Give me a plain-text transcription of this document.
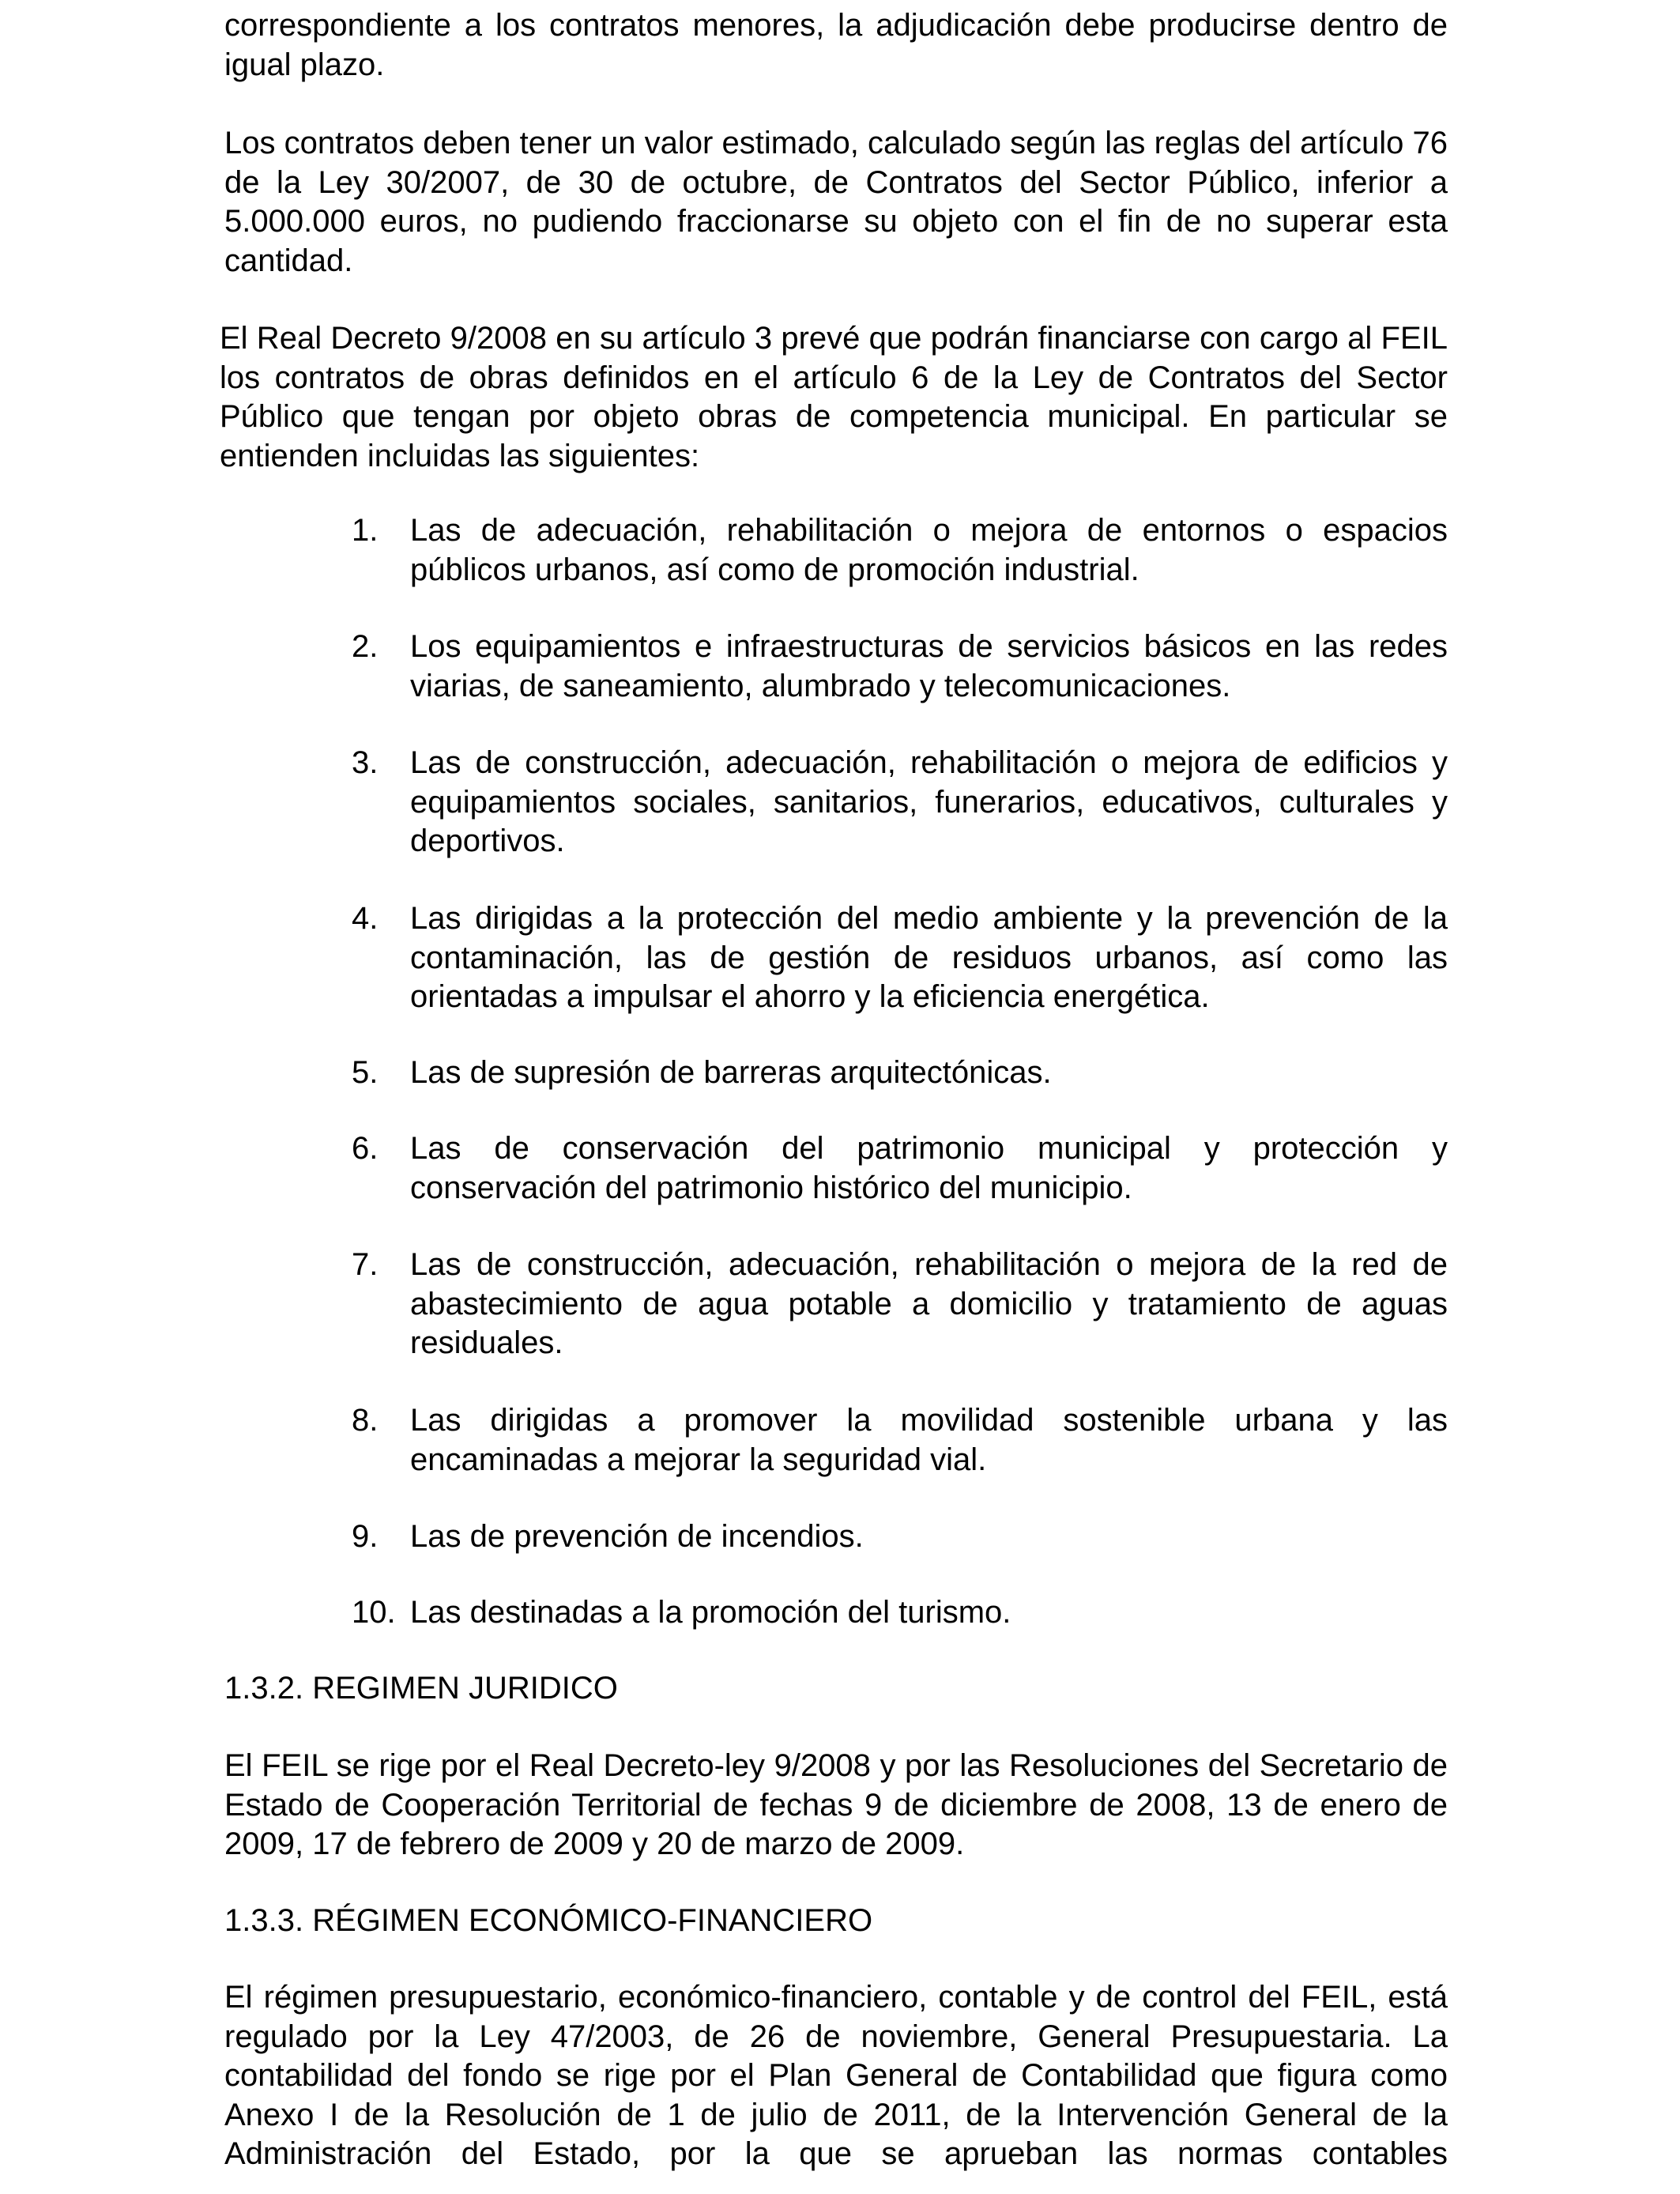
correspondiente a los contratos menores, la adjudicación debe producirse dentro de igual plazo.

Los contratos deben tener un valor estimado, calculado según las reglas del artículo 76 de la Ley 30/2007, de 30 de octubre, de Contratos del Sector Público, inferior a 5.000.000 euros, no pudiendo fraccionarse su objeto con el fin de no superar esta cantidad.

El Real Decreto 9/2008 en su artículo 3 prevé que podrán financiarse con cargo al FEIL los contratos de obras definidos en el artículo 6 de la Ley de Contratos del Sector Público que tengan por objeto obras de competencia municipal. En particular se entienden incluidas las siguientes:

1.	Las de adecuación, rehabilitación o mejora de entornos o espacios públicos urbanos, así como de promoción industrial.
2.	Los equipamientos e infraestructuras de servicios básicos en las redes viarias, de saneamiento, alumbrado y telecomunicaciones.
3.	Las de construcción, adecuación, rehabilitación o mejora de edificios y equipamientos sociales, sanitarios, funerarios, educativos, culturales y deportivos.
4.	Las dirigidas a la protección del medio ambiente y la prevención de la contaminación, las de gestión de residuos urbanos, así como las orientadas a impulsar el ahorro y la eficiencia energética.
5.	Las de supresión de barreras arquitectónicas.
6.	Las de conservación del patrimonio municipal y protección y conservación del patrimonio histórico del municipio.
7.	Las de construcción, adecuación, rehabilitación o mejora de la red de abastecimiento de agua potable a domicilio y tratamiento de aguas residuales.
8.	Las dirigidas a promover la movilidad sostenible urbana y las encaminadas a mejorar la seguridad vial.
9.	Las de prevención de incendios.
10. Las destinadas a la promoción del turismo.

1.3.2. REGIMEN JURIDICO

El FEIL se rige por el Real Decreto-ley 9/2008 y por las Resoluciones del Secretario de Estado de Cooperación Territorial de fechas 9 de diciembre de 2008, 13 de enero de 2009, 17 de febrero de 2009 y 20 de marzo de 2009.

1.3.3. RÉGIMEN ECONÓMICO-FINANCIERO

El régimen presupuestario, económico-financiero, contable y de control del FEIL, está regulado por la Ley 47/2003, de 26 de noviembre, General Presupuestaria. La contabilidad del fondo se rige por el Plan General de Contabilidad que figura como Anexo I de la Resolución de 1 de julio de 2011, de la Intervención General de la Administración del Estado, por la que se aprueban las normas contables
